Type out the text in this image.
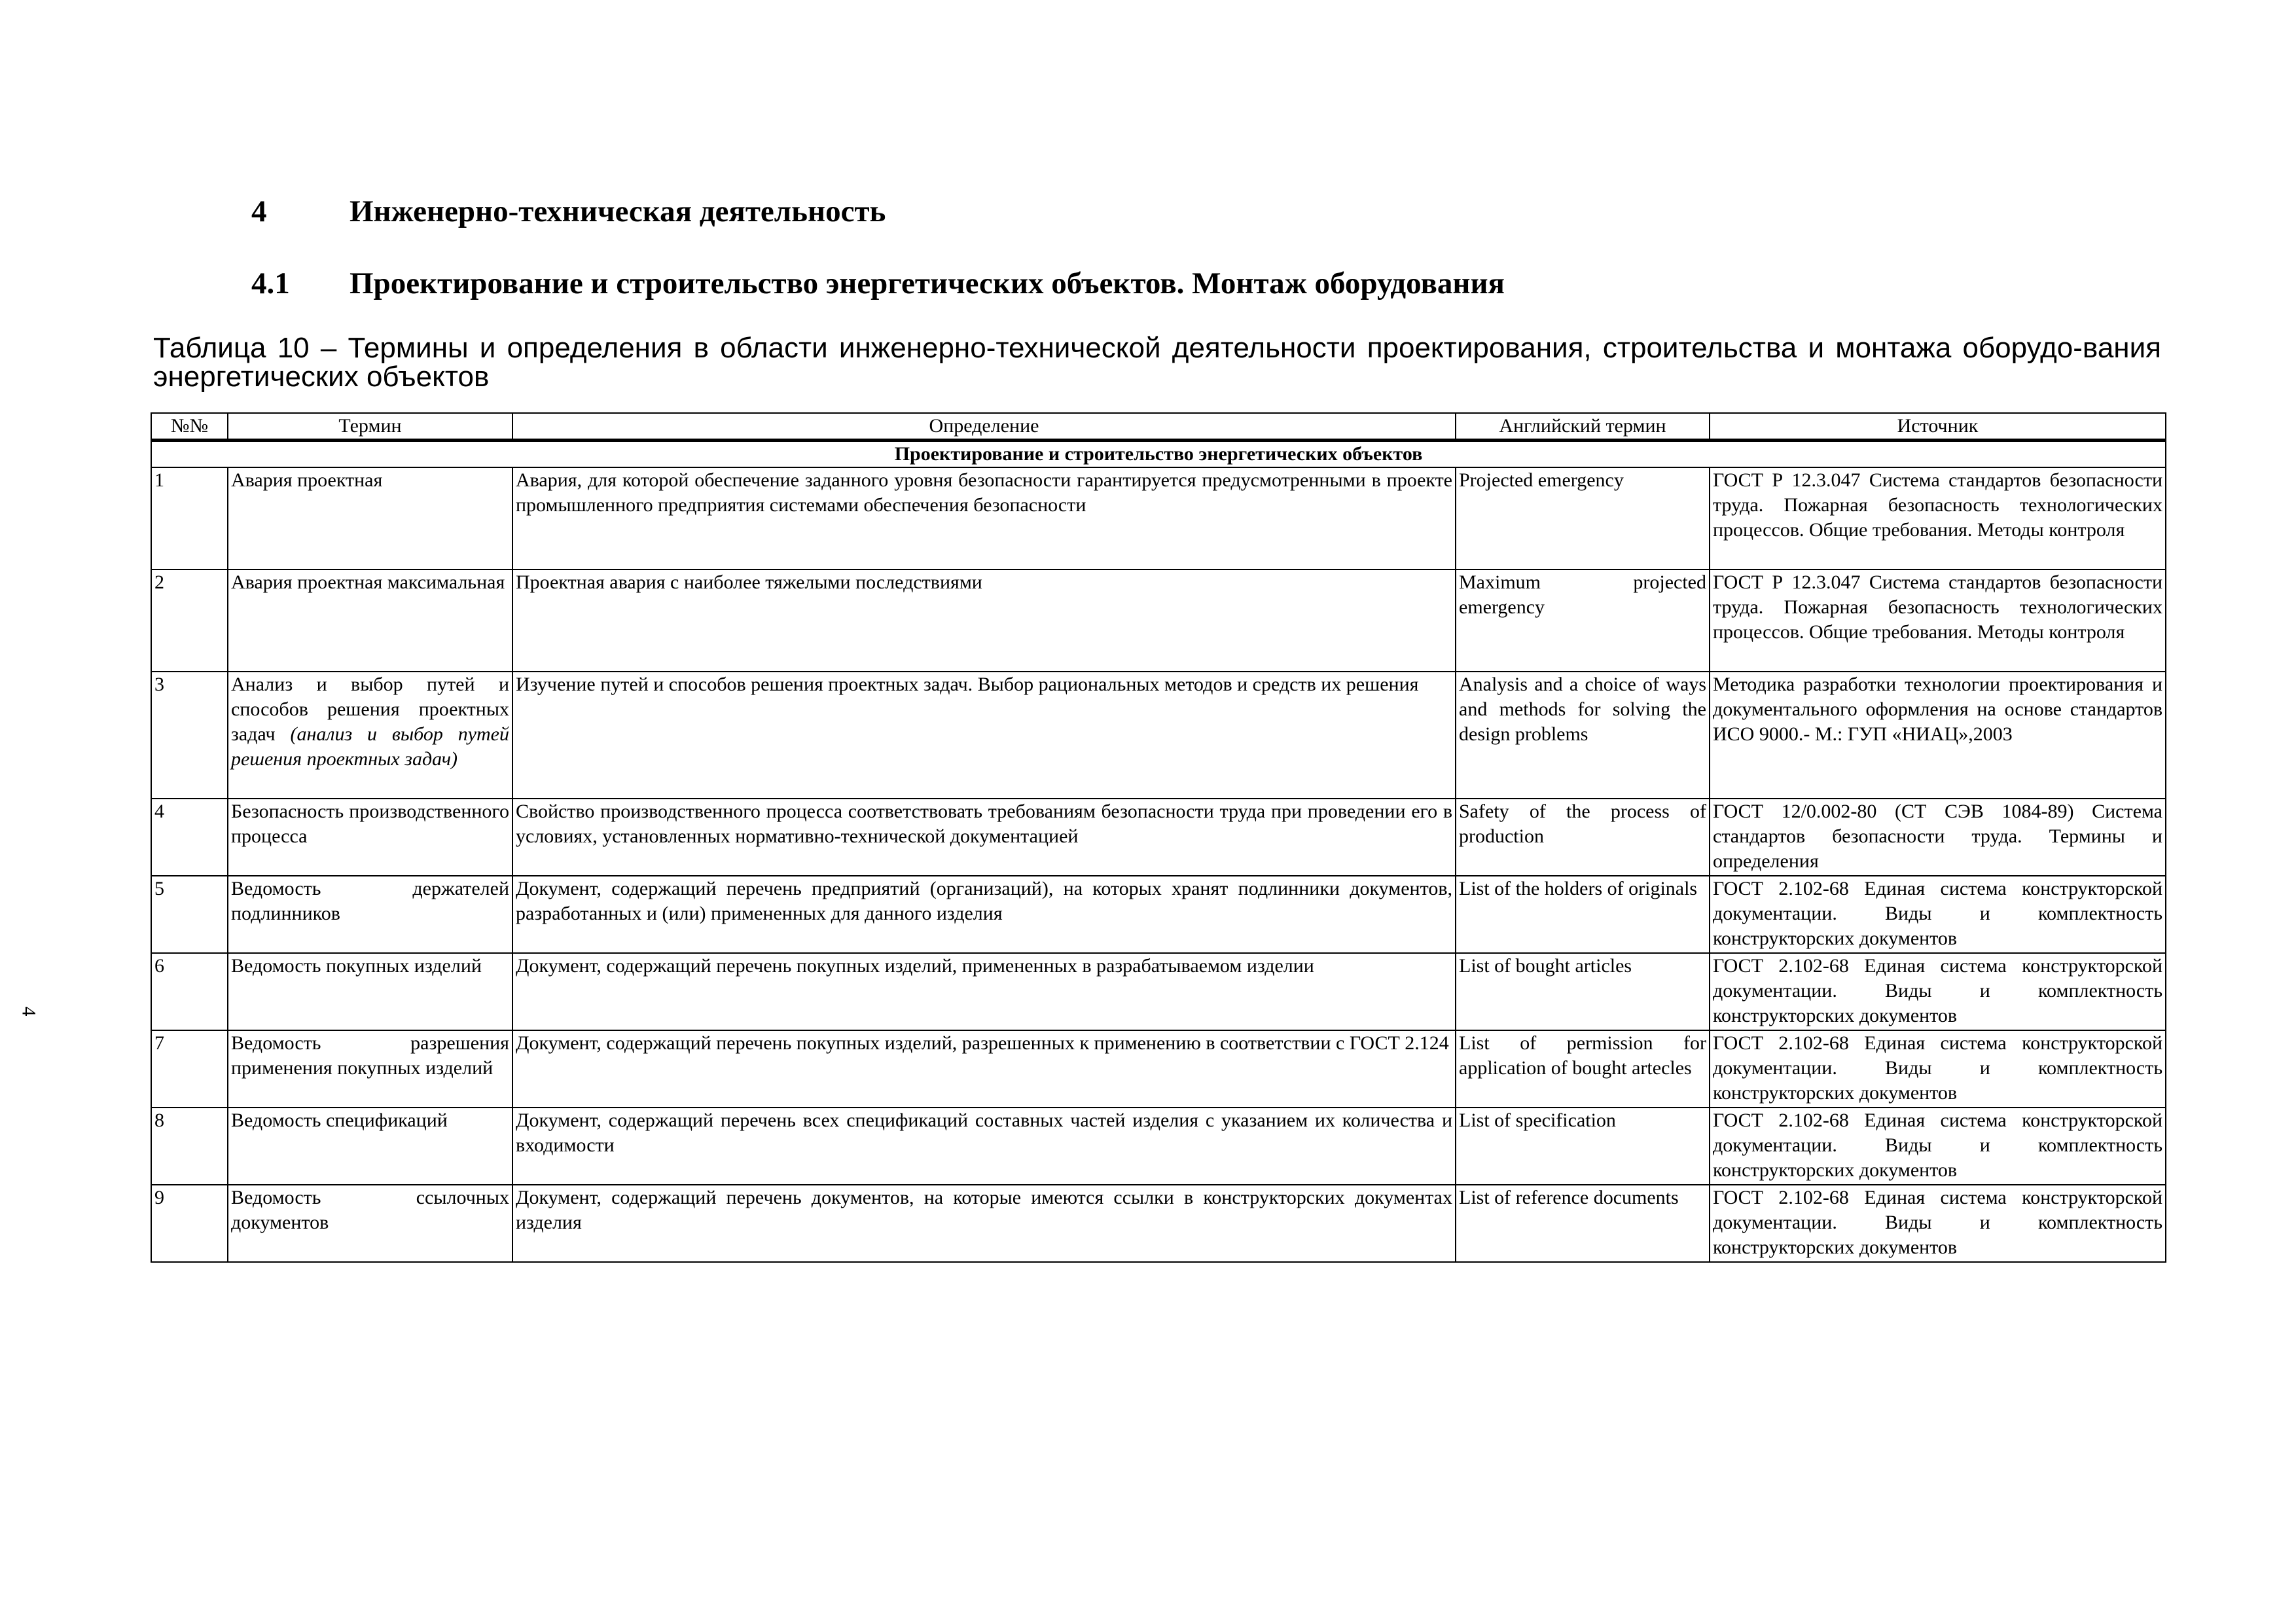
4
4	Инженерно-техническая деятельность
4.1 Проектирование и строительство энергетических объектов. Монтаж оборудования
Таблица 10 – Термины и определения в области инженерно-технической деятельности проектирования, строительства и монтажа оборудо-вания энергетических объектов
№№	Термин	Определение	Английский термин	Источник
Проектирование и строительство энергетических объектов				
1	Авария проектная	Авария, для которой обеспечение заданного уровня безопасности гарантируется предусмотренными в проекте промышленного предприятия системами обеспечения безопасности	Projected emergency	ГОСТ Р 12.3.047 Система стандартов безопасности труда. Пожарная безопасность технологических процессов. Общие требования. Методы контроля
2	Авария проектная максимальная	Проектная авария с наиболее тяжелыми последствиями	Maximum projected emergency	ГОСТ Р 12.3.047 Система стандартов безопасности труда. Пожарная безопасность технологических процессов. Общие требования. Методы контроля
3	Анализ и выбор путей и способов решения проектных задач (анализ и выбор путей решения проектных задач)	Изучение путей и способов решения проектных задач. Выбор рациональных методов и средств их решения	Analysis and a choice of ways and methods for solving the design problems	Методика разработки технологии проектирования и документального оформления на основе стандартов ИСО 9000.- М.: ГУП «НИАЦ»,2003
4	Безопасность производственного процесса	Свойство производственного процесса соответствовать требованиям безопасности труда при проведении его в условиях, установленных нормативно-технической документацией	Safety of the process of production	ГОСТ 12/0.002-80 (СТ СЭВ 1084-89) Система стандартов безопасности труда. Термины и определения
5	Ведомость держателей подлинников	Документ, содержащий перечень предприятий (организаций), на которых хранят подлинники документов, разработанных и (или) примененных для данного изделия	List of the holders of originals	ГОСТ 2.102-68 Единая система конструкторской документации. Виды и комплектность конструкторских документов
6	Ведомость покупных изделий	Документ, содержащий перечень покупных изделий, примененных в разрабатываемом изделии	List of bought articles	ГОСТ 2.102-68 Единая система конструкторской документации. Виды и комплектность конструкторских документов
7	Ведомость разрешения применения покупных изделий	Документ, содержащий перечень покупных изделий, разрешенных к применению в соответствии с ГОСТ 2.124	List of permission for application of bought artecles	ГОСТ 2.102-68 Единая система конструкторской документации. Виды и комплектность конструкторских документов
8	Ведомость спецификаций	Документ, содержащий перечень всех спецификаций составных частей изделия с указанием их количества и входимости	List of specification	ГОСТ 2.102-68 Единая система конструкторской документации. Виды и комплектность конструкторских документов
9	Ведомость ссылочных документов	Документ, содержащий перечень документов, на которые имеются ссылки в конструкторских документах изделия	List of reference documents	ГОСТ 2.102-68 Единая система конструкторской документации. Виды и комплектность конструкторских документов
